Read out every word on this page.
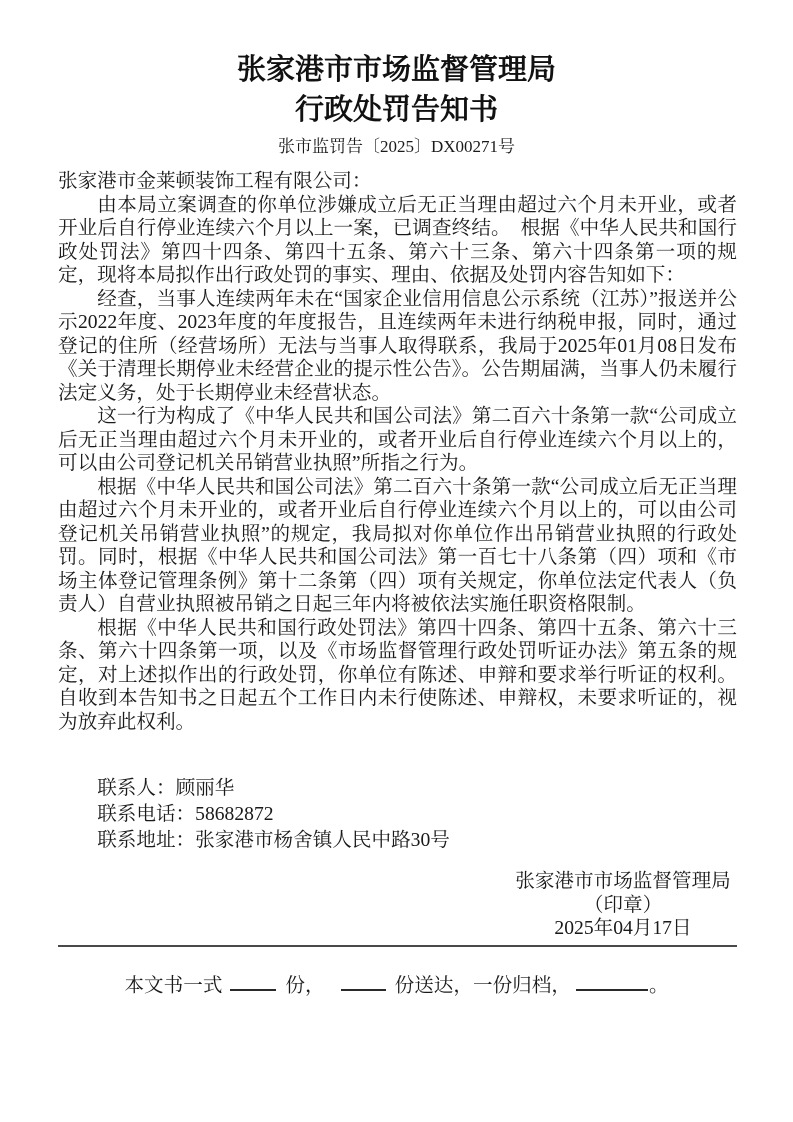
张家港市市场监督管理局
行政处罚告知书
张市监罚告〔2025〕DX00271号

张家港市金莱顿装饰工程有限公司：

由本局立案调查的你单位涉嫌成立后无正当理由超过六个月未开业，或者开业后自行停业连续六个月以上一案，已调查终结。　根据《中华人民共和国行政处罚法》第四十四条、第四十五条、第六十三条、第六十四条第一项的规定，现将本局拟作出行政处罚的事实、理由、依据及处罚内容告知如下：

经查，当事人连续两年未在“国家企业信用信息公示系统（江苏）”报送并公示2022年度、2023年度的年度报告，且连续两年未进行纳税申报，同时，通过登记的住所（经营场所）无法与当事人取得联系，我局于2025年01月08日发布《关于清理长期停业未经营企业的提示性公告》。公告期届满，当事人仍未履行法定义务，处于长期停业未经营状态。

这一行为构成了《中华人民共和国公司法》第二百六十条第一款“公司成立后无正当理由超过六个月未开业的，或者开业后自行停业连续六个月以上的，可以由公司登记机关吊销营业执照”所指之行为。

根据《中华人民共和国公司法》第二百六十条第一款“公司成立后无正当理由超过六个月未开业的，或者开业后自行停业连续六个月以上的，可以由公司登记机关吊销营业执照”的规定，我局拟对你单位作出吊销营业执照的行政处罚。同时，根据《中华人民共和国公司法》第一百七十八条第（四）项和《市场主体登记管理条例》第十二条第（四）项有关规定，你单位法定代表人（负责人）自营业执照被吊销之日起三年内将被依法实施任职资格限制。

根据《中华人民共和国行政处罚法》第四十四条、第四十五条、第六十三条、第六十四条第一项，以及《市场监督管理行政处罚听证办法》第五条的规定，对上述拟作出的行政处罚，你单位有陈述、申辩和要求举行听证的权利。自收到本告知书之日起五个工作日内未行使陈述、申辩权，未要求听证的，视为放弃此权利。

联系人：顾丽华
联系电话：58682872
联系地址：张家港市杨舍镇人民中路30号
张家港市市场监督管理局
（印章）
2025年04月17日
本文书一式	份，	份送达，一份归档，	。
